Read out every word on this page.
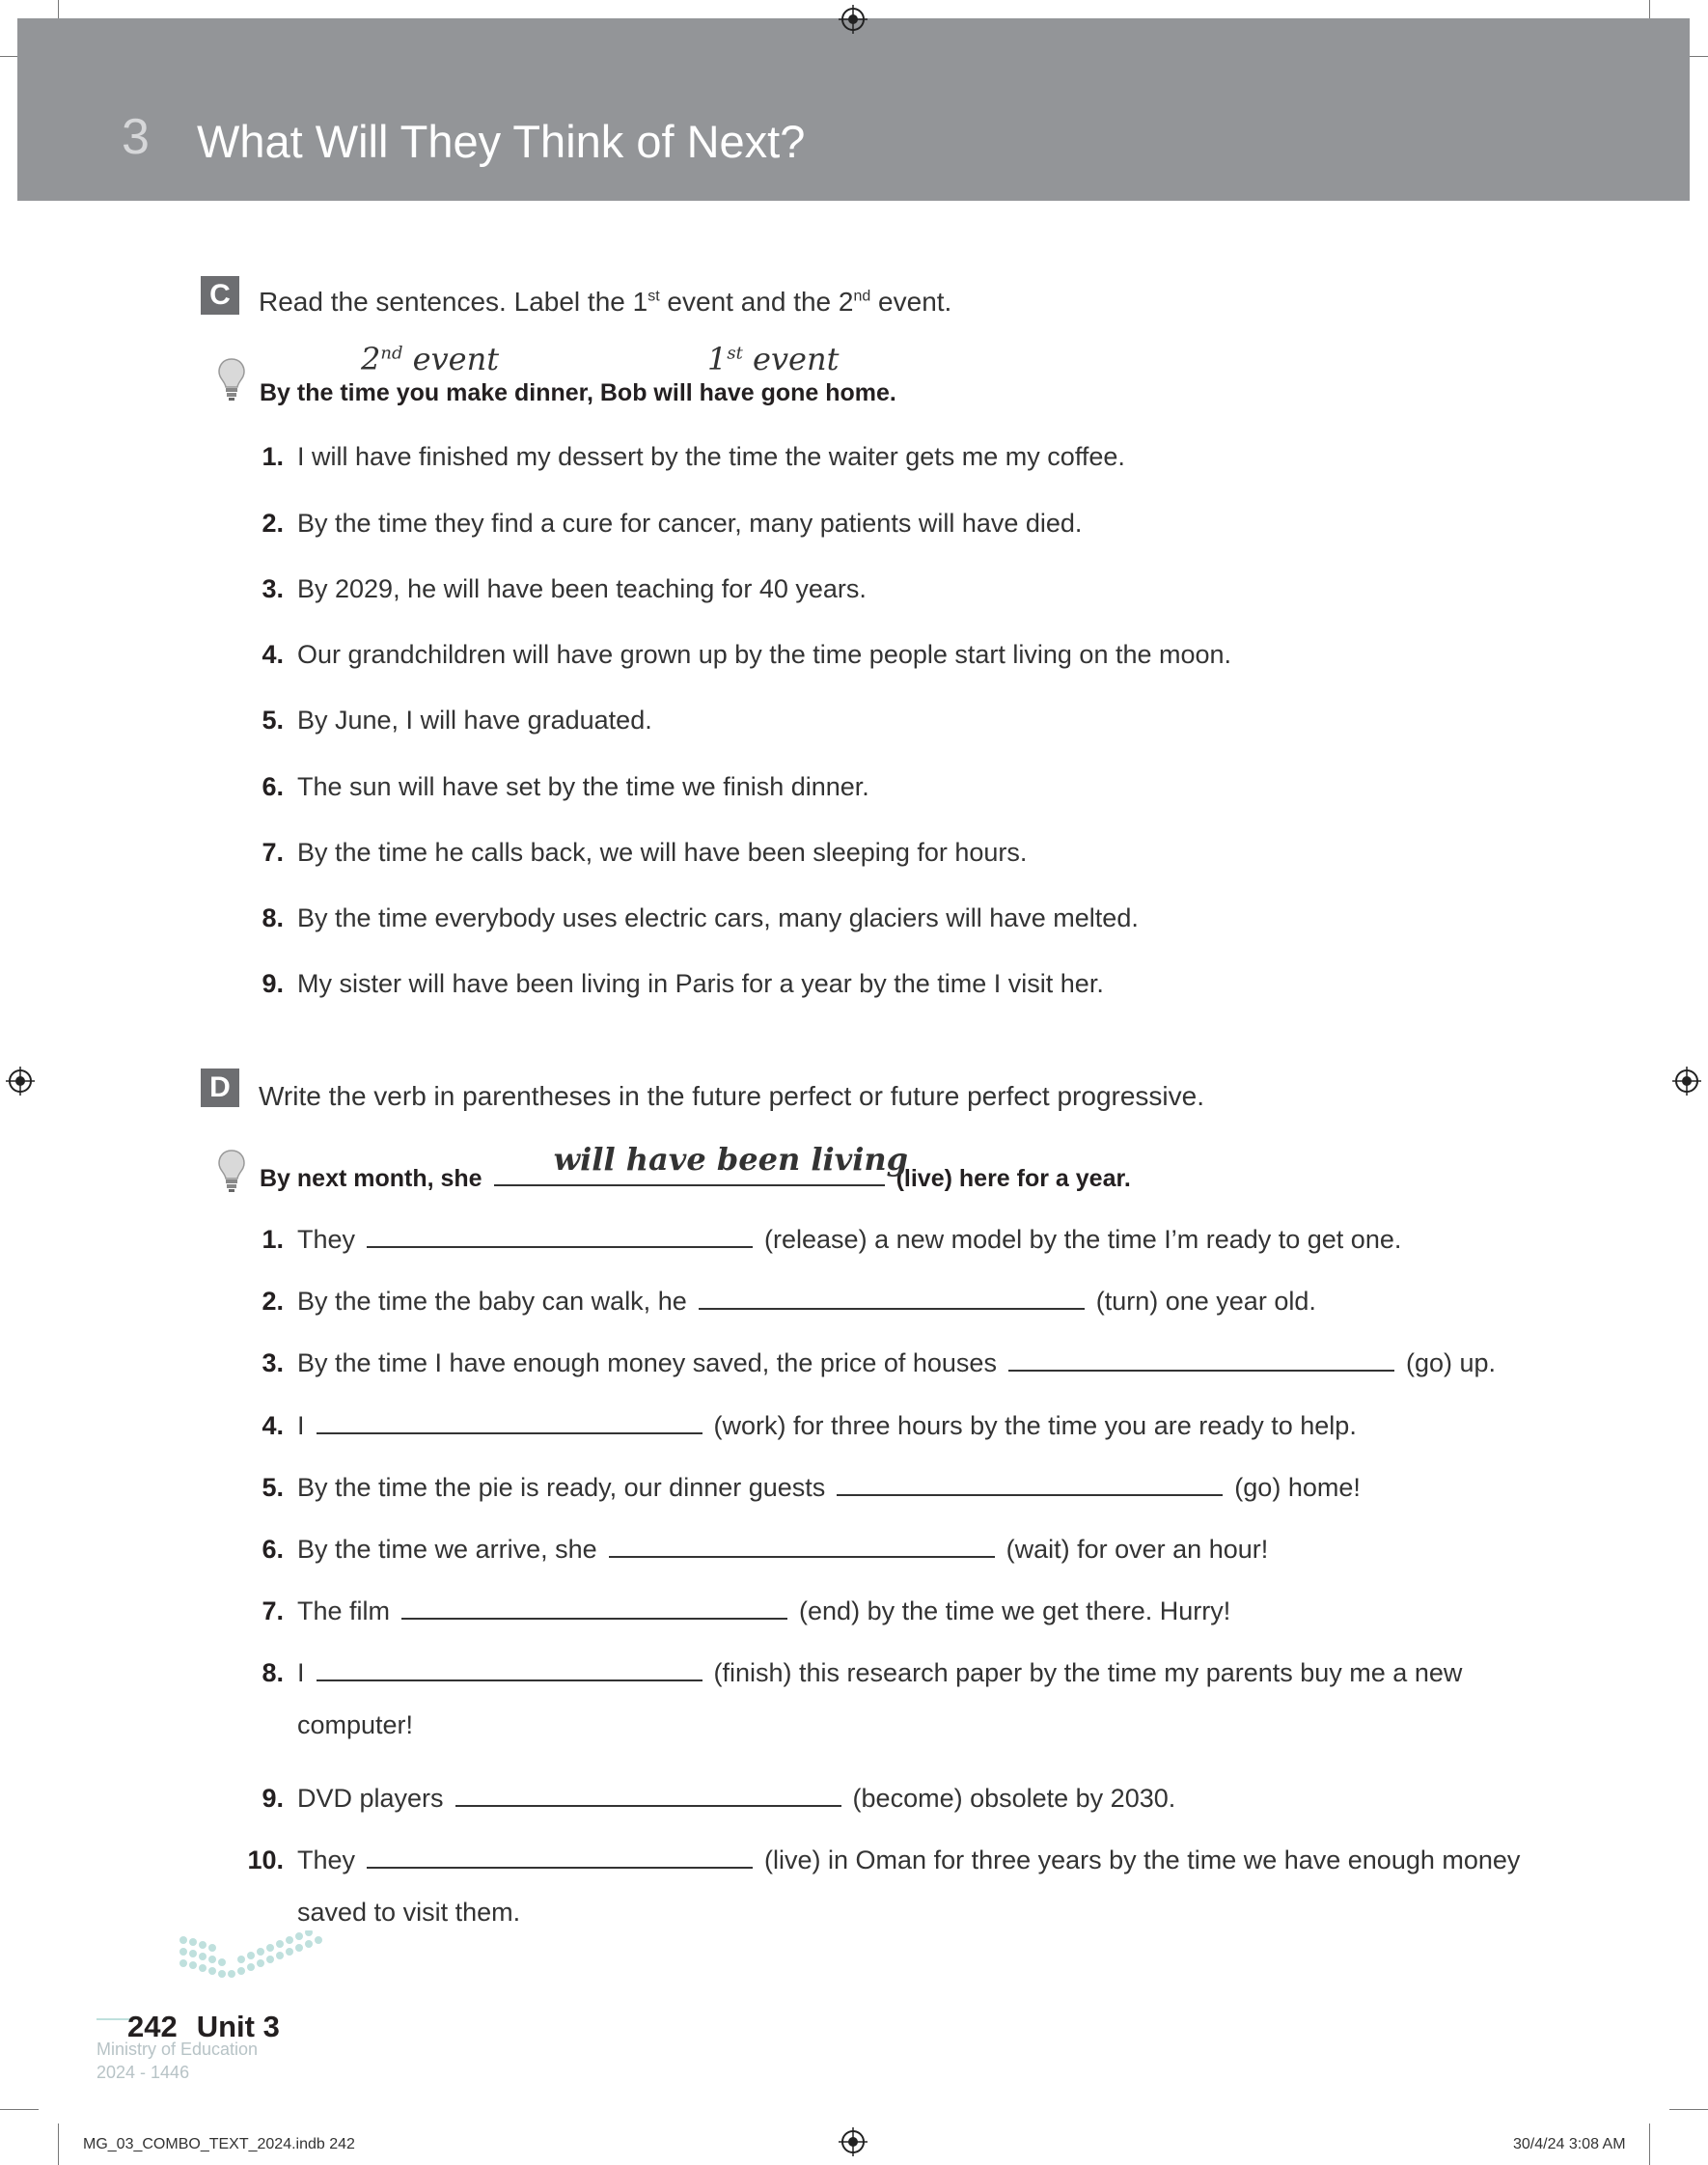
3 What Will They Think of Next?
C	Read the sentences. Label the 1st event and the 2nd event.
2nd event	1st event
By the time you make dinner, Bob will have gone home.
1. I will have finished my dessert by the time the waiter gets me my coffee.
2. By the time they find a cure for cancer, many patients will have died.
3. By 2029, he will have been teaching for 40 years.
4. Our grandchildren will have grown up by the time people start living on the moon.
5. By June, I will have graduated.
6. The sun will have set by the time we finish dinner.
7. By the time he calls back, we will have been sleeping for hours.
8. By the time everybody uses electric cars, many glaciers will have melted.
9. My sister will have been living in Paris for a year by the time I visit her.
D	Write the verb in parentheses in the future perfect or future perfect progressive.
By next month, she
will have been living
(live) here for a year.
1. They	(release) a new model by the time I’m ready to get one.
2. By the time the baby can walk, he	(turn) one year old.
3. By the time I have enough money saved, the price of houses	(go) up.
4. I	(work) for three hours by the time you are ready to help.
5. By the time the pie is ready, our dinner guests	(go) home!
6. By the time we arrive, she	(wait) for over an hour!
7. The film	(end) by the time we get there. Hurry!
8. I	(finish) this research paper by the time my parents buy me a new
computer!
9. DVD players	(become) obsolete by 2030.
10. They	(live) in Oman for three years by the time we have enough money
saved to visit them.
Ministry of Education
2024 - 1446
242 Unit 3
MG_03_COMBO_TEXT_2024.indb 242	30/4/24 3:08 AM
